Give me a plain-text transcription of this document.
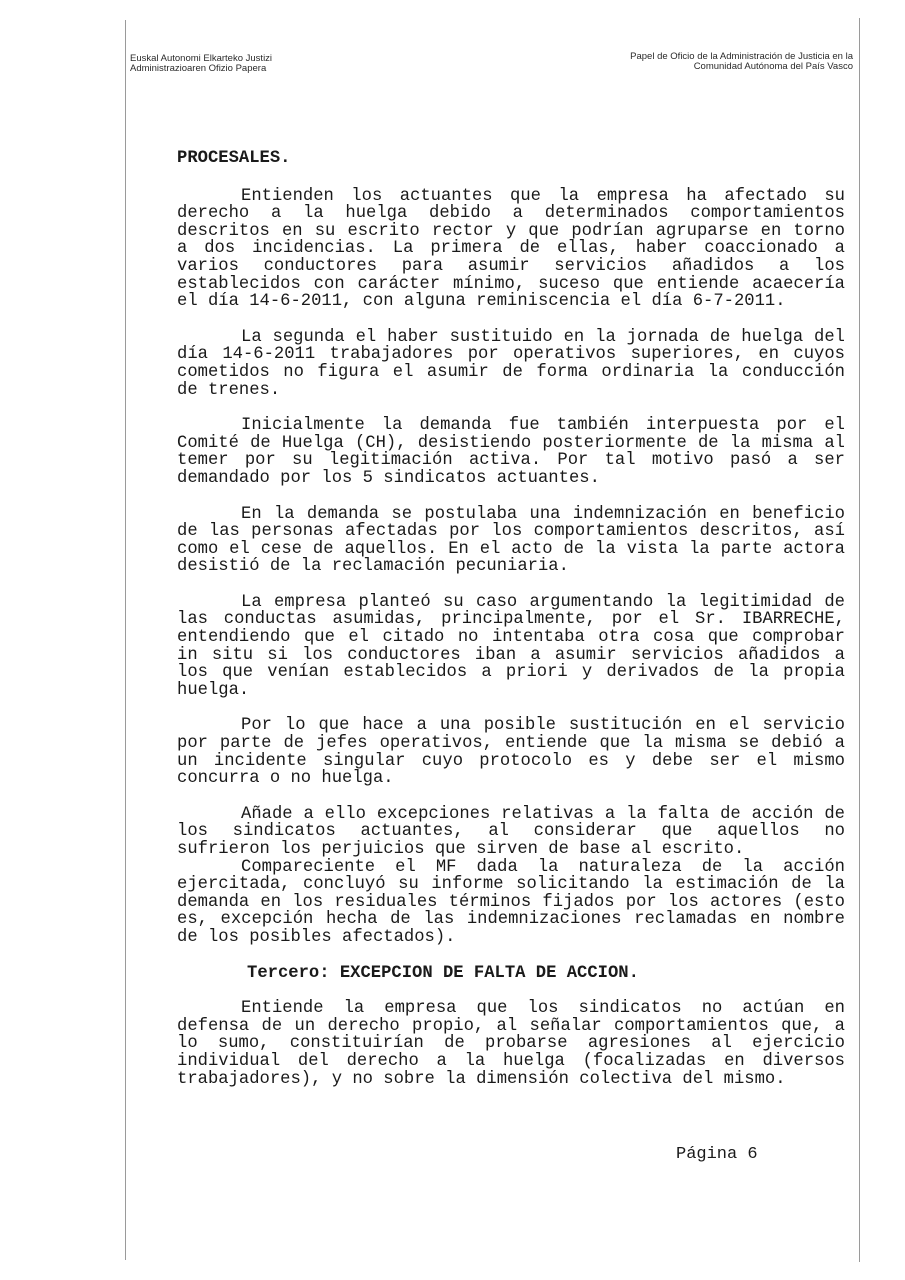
Euskal Autonomi Elkarteko Justizi
Administrazioaren Ofizio Papera
Papel de Oficio de la Administración de Justicia en la
Comunidad Autónoma del País Vasco
PROCESALES.

Entienden los actuantes que la empresa ha afectado su derecho a la huelga debido a determinados comportamientos descritos en su escrito rector y que podrían agruparse en torno a dos incidencias. La primera de ellas, haber coaccionado a varios conductores para asumir servicios añadidos a los establecidos con carácter mínimo, suceso que entiende acaecería el día 14-6-2011, con alguna reminiscencia el día 6-7-2011.

La segunda el haber sustituido en la jornada de huelga del día 14-6-2011 trabajadores por operativos superiores, en cuyos cometidos no figura el asumir de forma ordinaria la conducción de trenes.

Inicialmente la demanda fue también interpuesta por el Comité de Huelga (CH), desistiendo posteriormente de la misma al temer por su legitimación activa. Por tal motivo pasó a ser demandado por los 5 sindicatos actuantes.

En la demanda se postulaba una indemnización en beneficio de las personas afectadas por los comportamientos descritos, así como el cese de aquellos. En el acto de la vista la parte actora desistió de la reclamación pecuniaria.

La empresa planteó su caso argumentando la legitimidad de las conductas asumidas, principalmente, por el Sr. IBARRECHE, entendiendo que el citado no intentaba otra cosa que comprobar in situ si los conductores iban a asumir servicios añadidos a los que venían establecidos a priori y derivados de la propia huelga.

Por lo que hace a una posible sustitución en el servicio por parte de jefes operativos, entiende que la misma se debió a un incidente singular cuyo protocolo es y debe ser el mismo concurra o no huelga.

Añade a ello excepciones relativas a la falta de acción de los sindicatos actuantes, al considerar que aquellos no sufrieron los perjuicios que sirven de base al escrito.

Compareciente el MF dada la naturaleza de la acción ejercitada, concluyó su informe solicitando la estimación de la demanda en los residuales términos fijados por los actores (esto es, excepción hecha de las indemnizaciones reclamadas en nombre de los posibles afectados).

Tercero: EXCEPCION DE FALTA DE ACCION.

Entiende la empresa que los sindicatos no actúan en defensa de un derecho propio, al señalar comportamientos que, a lo sumo, constituirían de probarse agresiones al ejercicio individual del derecho a la huelga (focalizadas en diversos trabajadores), y no sobre la dimensión colectiva del mismo.

Página 6
